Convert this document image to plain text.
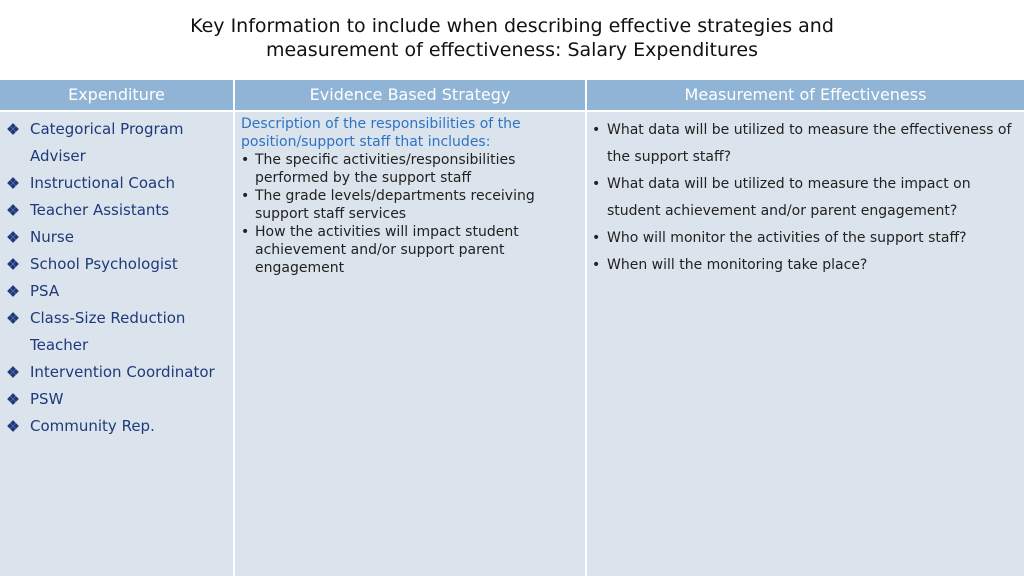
Key Information to include when describing effective strategies and
measurement of effectiveness: Salary Expenditures
Expenditure	Evidence Based Strategy	Measurement of Effectiveness
Categorical Program Adviser
Instructional Coach
Teacher Assistants
Nurse
School Psychologist
PSA
Class-Size Reduction Teacher
Intervention Coordinator
PSW
Community Rep.
Description of the responsibilities of the position/support staff that includes:
• The specific activities/responsibilities performed by the support staff
• The grade levels/departments receiving support staff services
• How the activities will impact student achievement and/or support parent engagement
• What data will be utilized to measure the effectiveness of the support staff?
• What data will be utilized to measure the impact on student achievement and/or parent engagement?
• Who will monitor the activities of the support staff?
• When will the monitoring take place?
